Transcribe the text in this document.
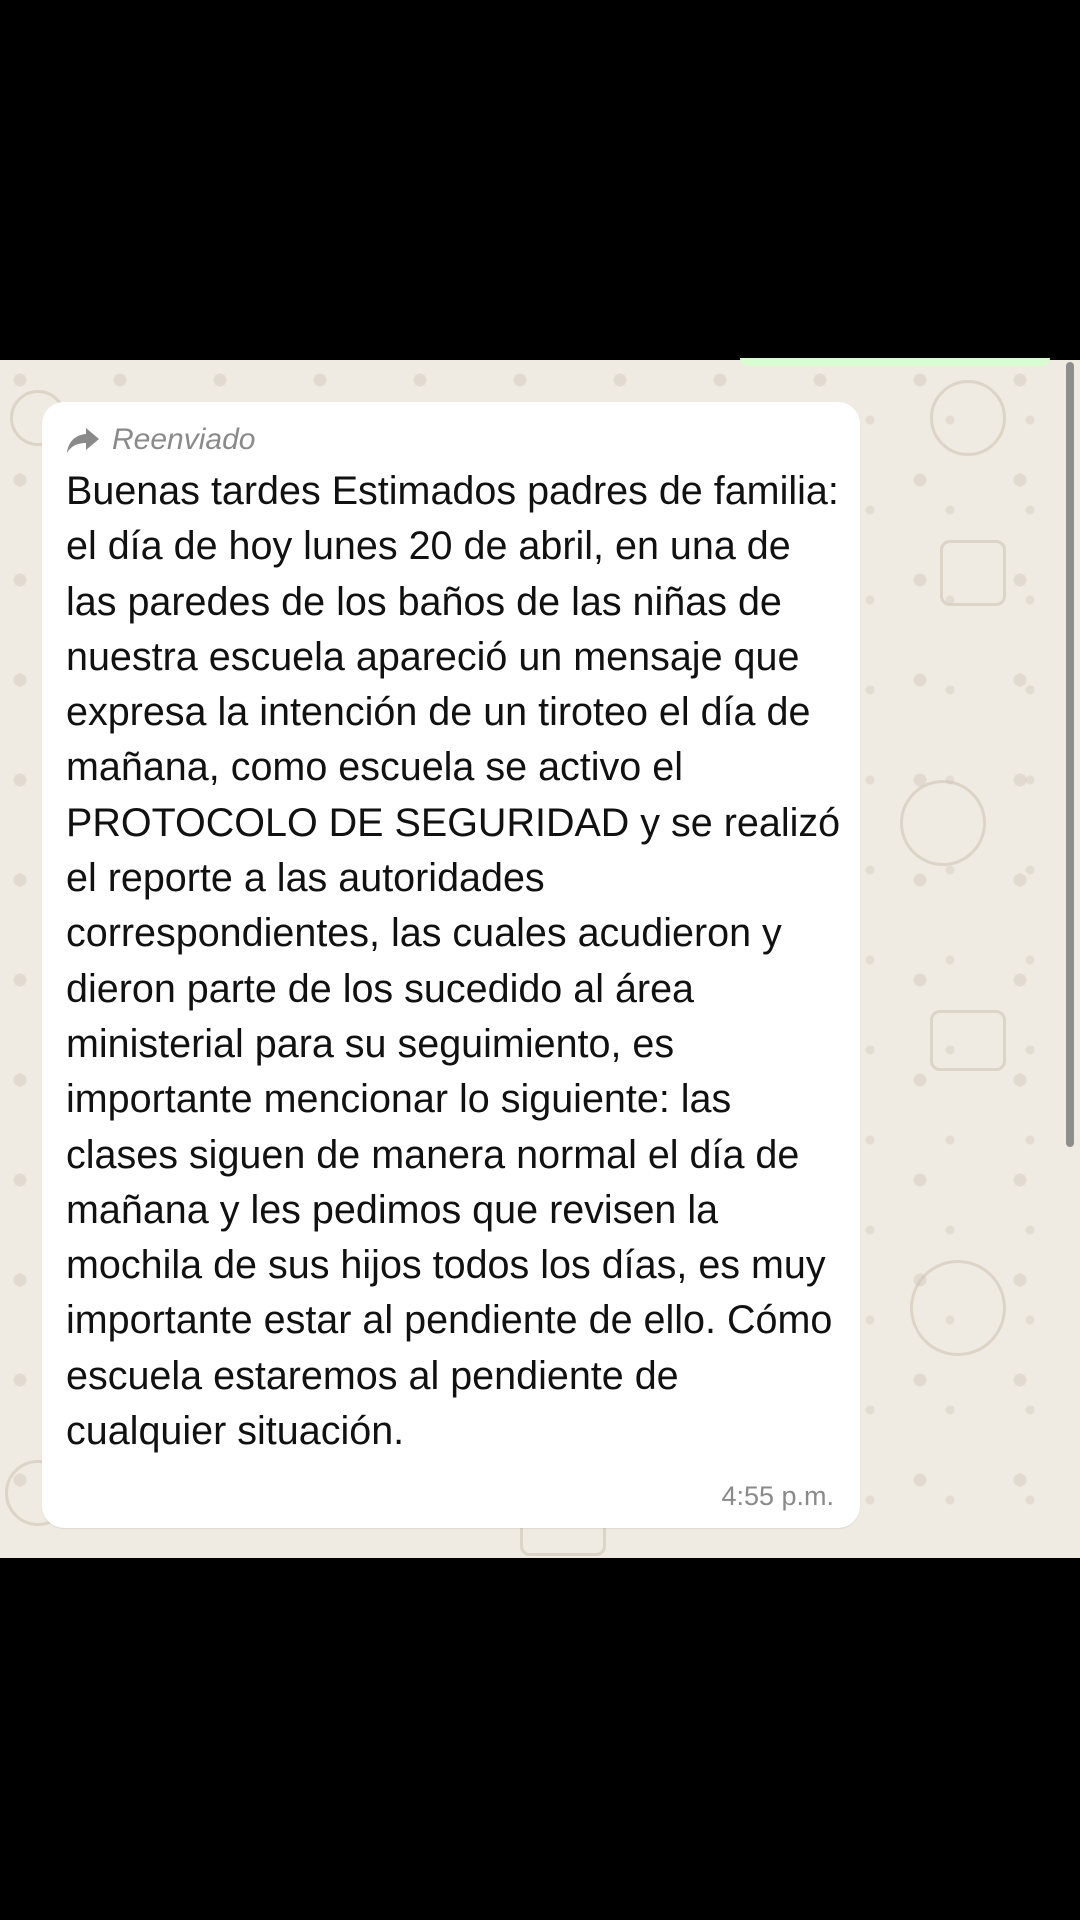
Reenviado
Buenas tardes Estimados padres de familia: el día de hoy lunes 20 de abril, en una de las paredes de los baños de las niñas de nuestra escuela apareció un mensaje que expresa la intención de un tiroteo el día de mañana, como escuela se activo el PROTOCOLO DE SEGURIDAD y se realizó el reporte a las autoridades correspondientes, las cuales acudieron y dieron parte de los sucedido al área ministerial para su seguimiento, es importante mencionar lo siguiente: las clases siguen de manera normal el día de mañana y les pedimos que revisen la mochila de sus hijos todos los días, es muy importante estar al pendiente de ello. Cómo escuela estaremos al pendiente de cualquier situación.
4:55 p.m.
